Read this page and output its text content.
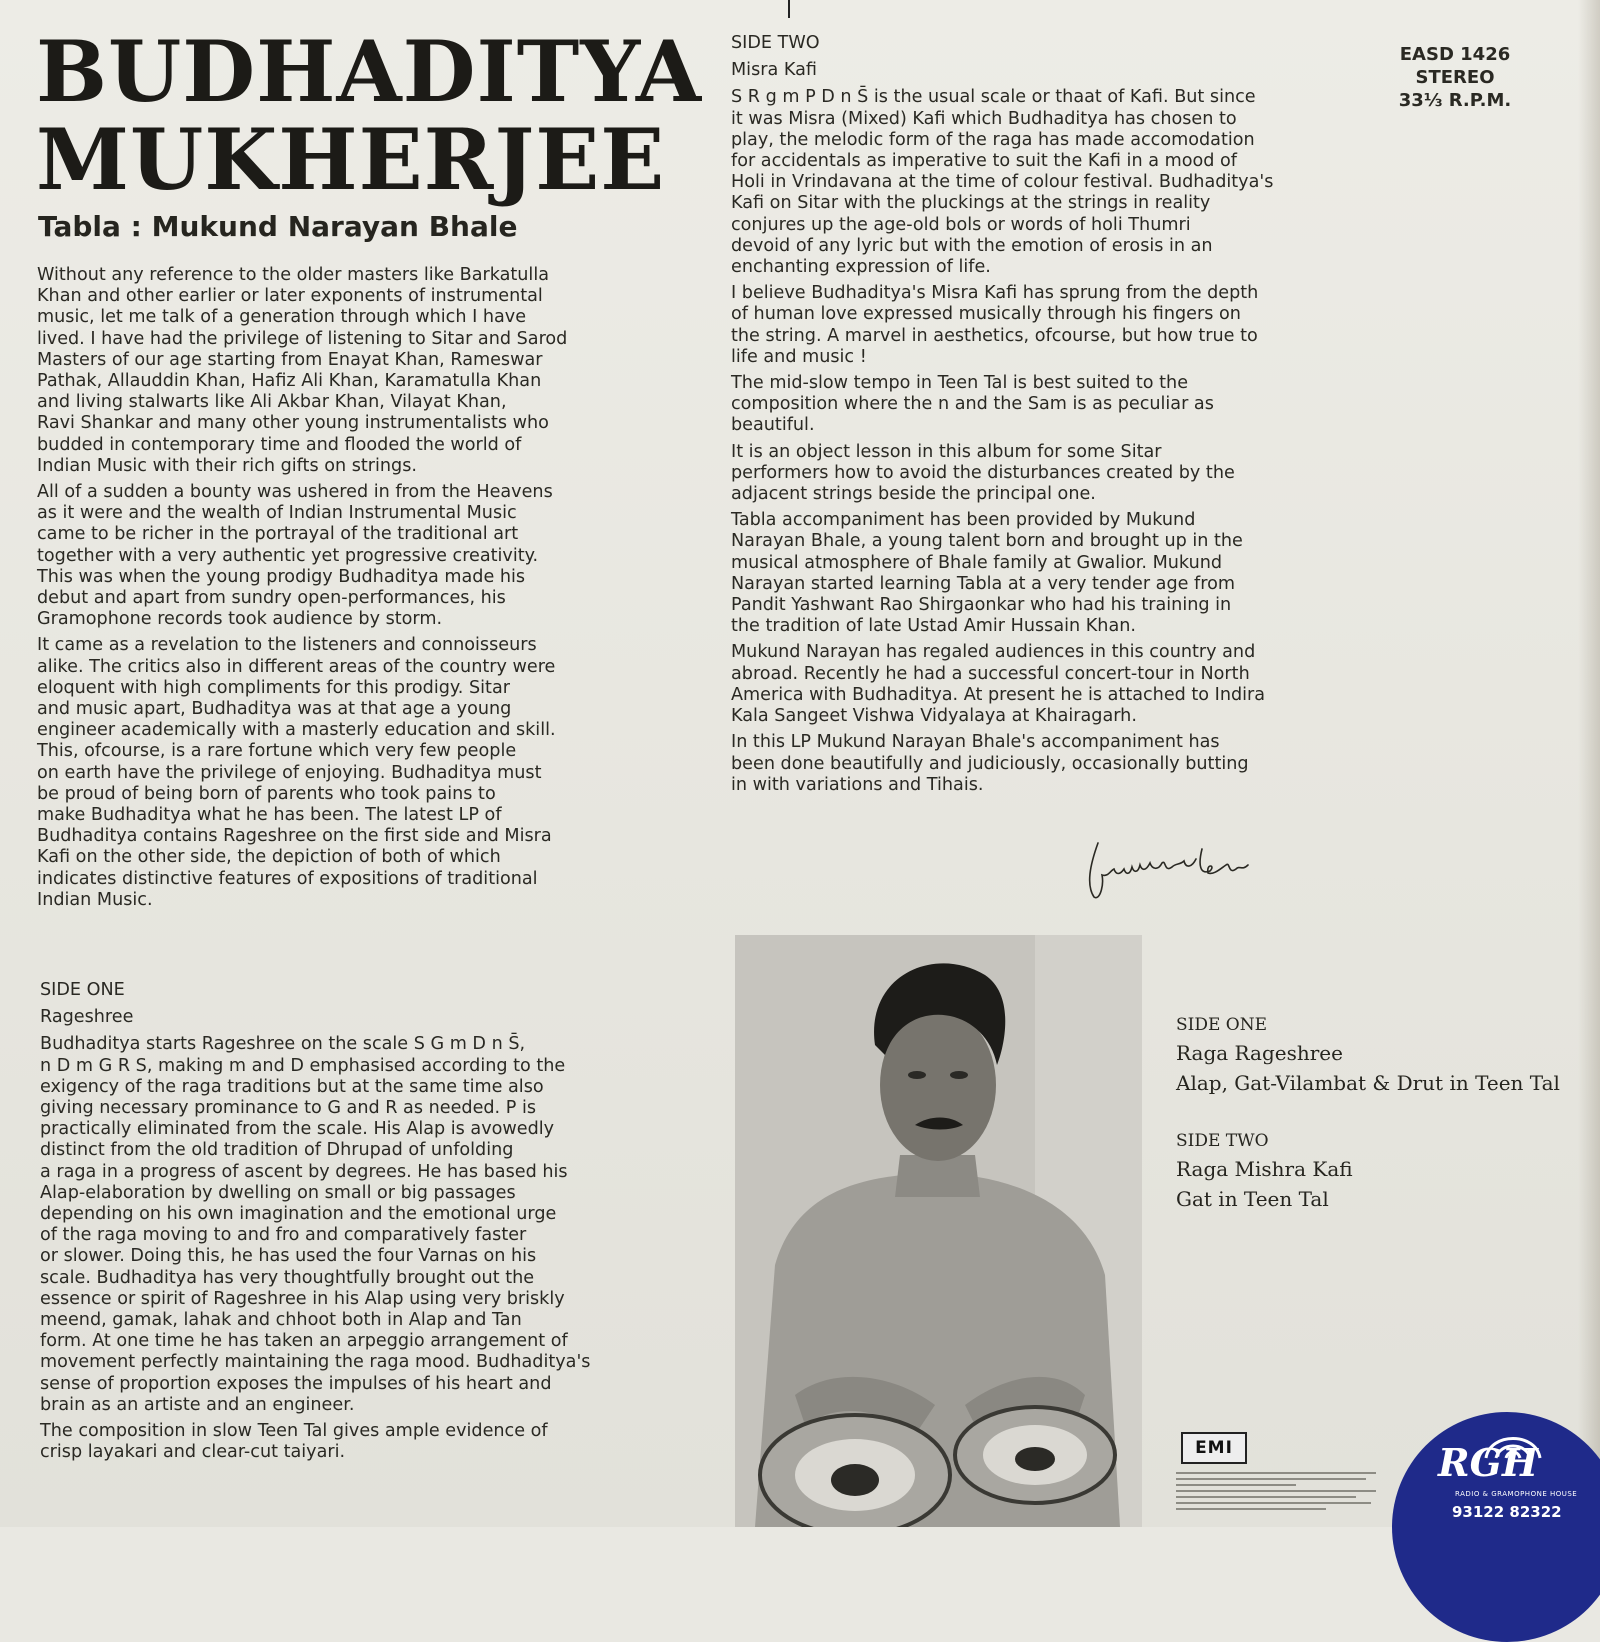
BUDHADITYA
MUKHERJEE
Tabla : Mukund Narayan Bhale
EASD 1426
STEREO
33⅓ R.P.M.

Without any reference to the older masters like Barkatulla
Khan and other earlier or later exponents of instrumental
music, let me talk of a generation through which I have
lived. I have had the privilege of listening to Sitar and Sarod
Masters of our age starting from Enayat Khan, Rameswar
Pathak, Allauddin Khan, Hafiz Ali Khan, Karamatulla Khan
and living stalwarts like Ali Akbar Khan, Vilayat Khan,
Ravi Shankar and many other young instrumentalists who
budded in contemporary time and flooded the world of
Indian Music with their rich gifts on strings.

All of a sudden a bounty was ushered in from the Heavens
as it were and the wealth of Indian Instrumental Music
came to be richer in the portrayal of the traditional art
together with a very authentic yet progressive creativity.
This was when the young prodigy Budhaditya made his
debut and apart from sundry open-performances, his
Gramophone records took audience by storm.

It came as a revelation to the listeners and connoisseurs
alike. The critics also in different areas of the country were
eloquent with high compliments for this prodigy. Sitar
and music apart, Budhaditya was at that age a young
engineer academically with a masterly education and skill.
This, ofcourse, is a rare fortune which very few people
on earth have the privilege of enjoying. Budhaditya must
be proud of being born of parents who took pains to
make Budhaditya what he has been. The latest LP of
Budhaditya contains Rageshree on the first side and Misra
Kafi on the other side, the depiction of both of which
indicates distinctive features of expositions of traditional
Indian Music.

SIDE ONE

Rageshree

Budhaditya starts Rageshree on the scale S G m D n S̄,
n D m G R S, making m and D emphasised according to the
exigency of the raga traditions but at the same time also
giving necessary prominance to G and R as needed. P is
practically eliminated from the scale. His Alap is avowedly
distinct from the old tradition of Dhrupad of unfolding
a raga in a progress of ascent by degrees. He has based his
Alap-elaboration by dwelling on small or big passages
depending on his own imagination and the emotional urge
of the raga moving to and fro and comparatively faster
or slower. Doing this, he has used the four Varnas on his
scale. Budhaditya has very thoughtfully brought out the
essence or spirit of Rageshree in his Alap using very briskly
meend, gamak, lahak and chhoot both in Alap and Tan
form. At one time he has taken an arpeggio arrangement of
movement perfectly maintaining the raga mood. Budhaditya's
sense of proportion exposes the impulses of his heart and
brain as an artiste and an engineer.

The composition in slow Teen Tal gives ample evidence of
crisp layakari and clear-cut taiyari.

SIDE TWO

Misra Kafi

S R g m P D n S̄ is the usual scale or thaat of Kafi. But since
it was Misra (Mixed) Kafi which Budhaditya has chosen to
play, the melodic form of the raga has made accomodation
for accidentals as imperative to suit the Kafi in a mood of
Holi in Vrindavana at the time of colour festival. Budhaditya's
Kafi on Sitar with the pluckings at the strings in reality
conjures up the age-old bols or words of holi Thumri
devoid of any lyric but with the emotion of erosis in an
enchanting expression of life.

I believe Budhaditya's Misra Kafi has sprung from the depth
of human love expressed musically through his fingers on
the string. A marvel in aesthetics, ofcourse, but how true to
life and music !

The mid-slow tempo in Teen Tal is best suited to the
composition where the n and the Sam is as peculiar as
beautiful.

It is an object lesson in this album for some Sitar
performers how to avoid the disturbances created by the
adjacent strings beside the principal one.

Tabla accompaniment has been provided by Mukund
Narayan Bhale, a young talent born and brought up in the
musical atmosphere of Bhale family at Gwalior. Mukund
Narayan started learning Tabla at a very tender age from
Pandit Yashwant Rao Shirgaonkar who had his training in
the tradition of late Ustad Amir Hussain Khan.

Mukund Narayan has regaled audiences in this country and
abroad. Recently he had a successful concert-tour in North
America with Budhaditya. At present he is attached to Indira
Kala Sangeet Vishwa Vidyalaya at Khairagarh.

In this LP Mukund Narayan Bhale's accompaniment has
been done beautifully and judiciously, occasionally butting
in with variations and Tihais.

SIDE ONE
Raga Rageshree
Alap, Gat-Vilambat & Drut in Teen Tal
SIDE TWO
Raga Mishra Kafi
Gat in Teen Tal
EMI	RGH
RADIO & GRAMOPHONE HOUSE
93122 82322
